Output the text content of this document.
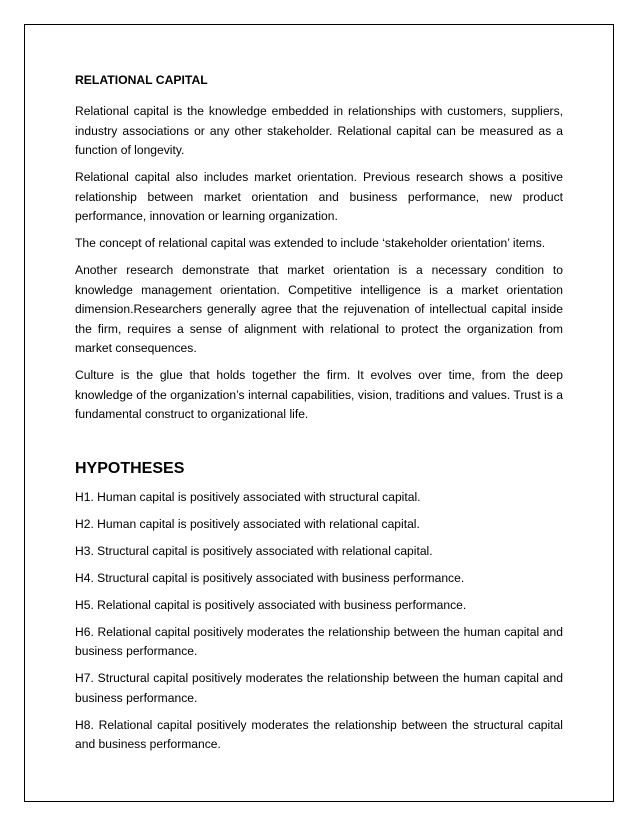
RELATIONAL CAPITAL

Relational capital is the knowledge embedded in relationships with customers, suppliers, industry associations or any other stakeholder. Relational capital can be measured as a function of longevity.

Relational capital also includes market orientation. Previous research shows a positive relationship between market orientation and business performance, new product performance, innovation or learning organization.

The concept of relational capital was extended to include ‘stakeholder orientation’ items.

Another research demonstrate that market orientation is a necessary condition to knowledge management orientation. Competitive intelligence is a market orientation dimension.Researchers generally agree that the rejuvenation of intellectual capital inside the firm, requires a sense of alignment with relational to protect the organization from market consequences.

Culture is the glue that holds together the firm. It evolves over time, from the deep knowledge of the organization’s internal capabilities, vision, traditions and values. Trust is a fundamental construct to organizational life.

HYPOTHESES

H1. Human capital is positively associated with structural capital.

H2. Human capital is positively associated with relational capital.

H3. Structural capital is positively associated with relational capital.

H4. Structural capital is positively associated with business performance.

H5. Relational capital is positively associated with business performance.

H6. Relational capital positively moderates the relationship between the human capital and business performance.

H7. Structural capital positively moderates the relationship between the human capital and business performance.

H8. Relational capital positively moderates the relationship between the structural capital and business performance.
